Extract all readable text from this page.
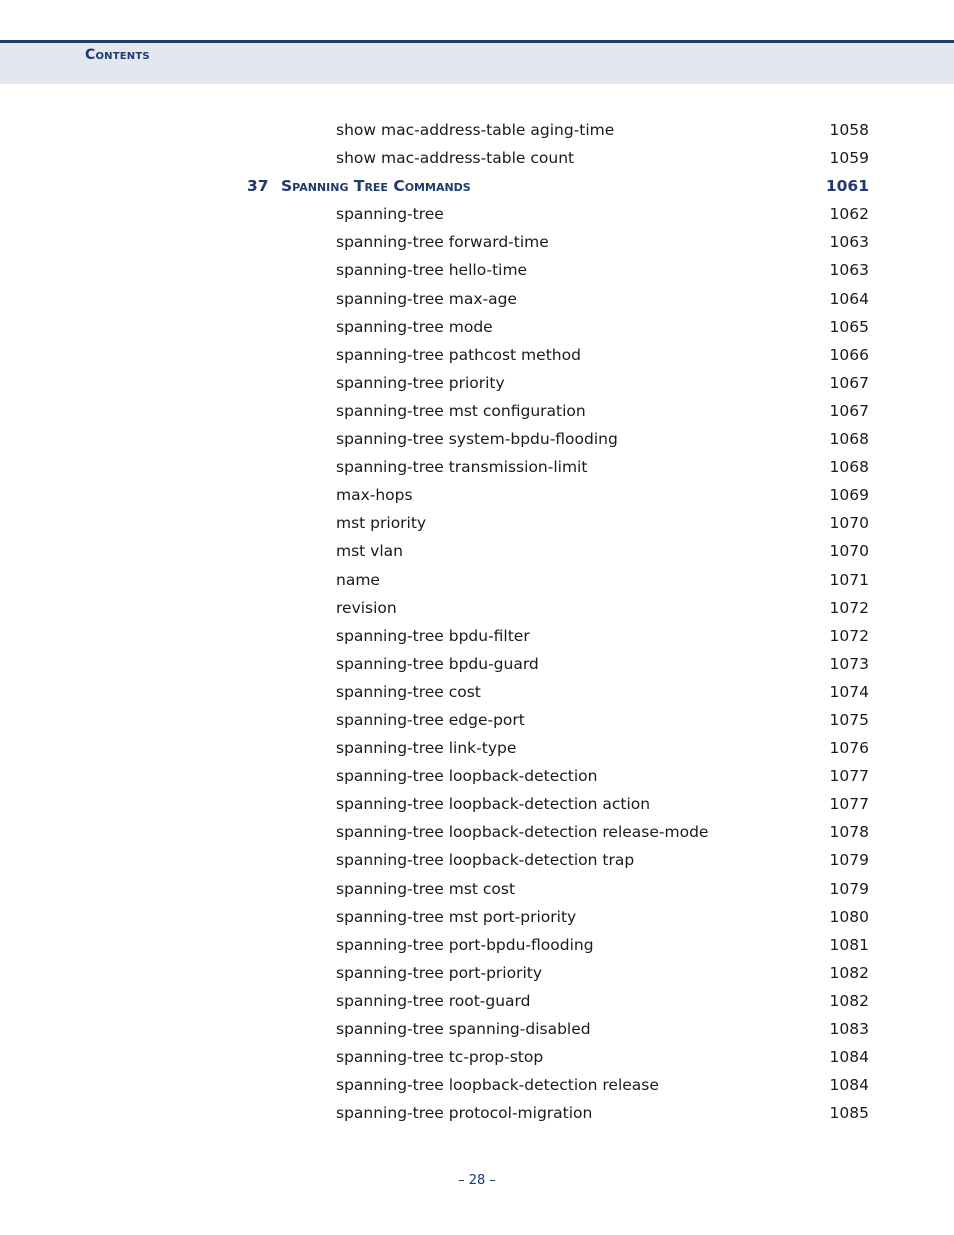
Contents
show mac-address-table aging-time	1058
show mac-address-table count	1059
37 Spanning Tree Commands	1061
spanning-tree	1062
spanning-tree forward-time	1063
spanning-tree hello-time	1063
spanning-tree max-age	1064
spanning-tree mode	1065
spanning-tree pathcost method	1066
spanning-tree priority	1067
spanning-tree mst configuration	1067
spanning-tree system-bpdu-flooding	1068
spanning-tree transmission-limit	1068
max-hops	1069
mst priority	1070
mst vlan	1070
name	1071
revision	1072
spanning-tree bpdu-filter	1072
spanning-tree bpdu-guard	1073
spanning-tree cost	1074
spanning-tree edge-port	1075
spanning-tree link-type	1076
spanning-tree loopback-detection	1077
spanning-tree loopback-detection action	1077
spanning-tree loopback-detection release-mode	1078
spanning-tree loopback-detection trap	1079
spanning-tree mst cost	1079
spanning-tree mst port-priority	1080
spanning-tree port-bpdu-flooding	1081
spanning-tree port-priority	1082
spanning-tree root-guard	1082
spanning-tree spanning-disabled	1083
spanning-tree tc-prop-stop	1084
spanning-tree loopback-detection release	1084
spanning-tree protocol-migration	1085
– 28 –
